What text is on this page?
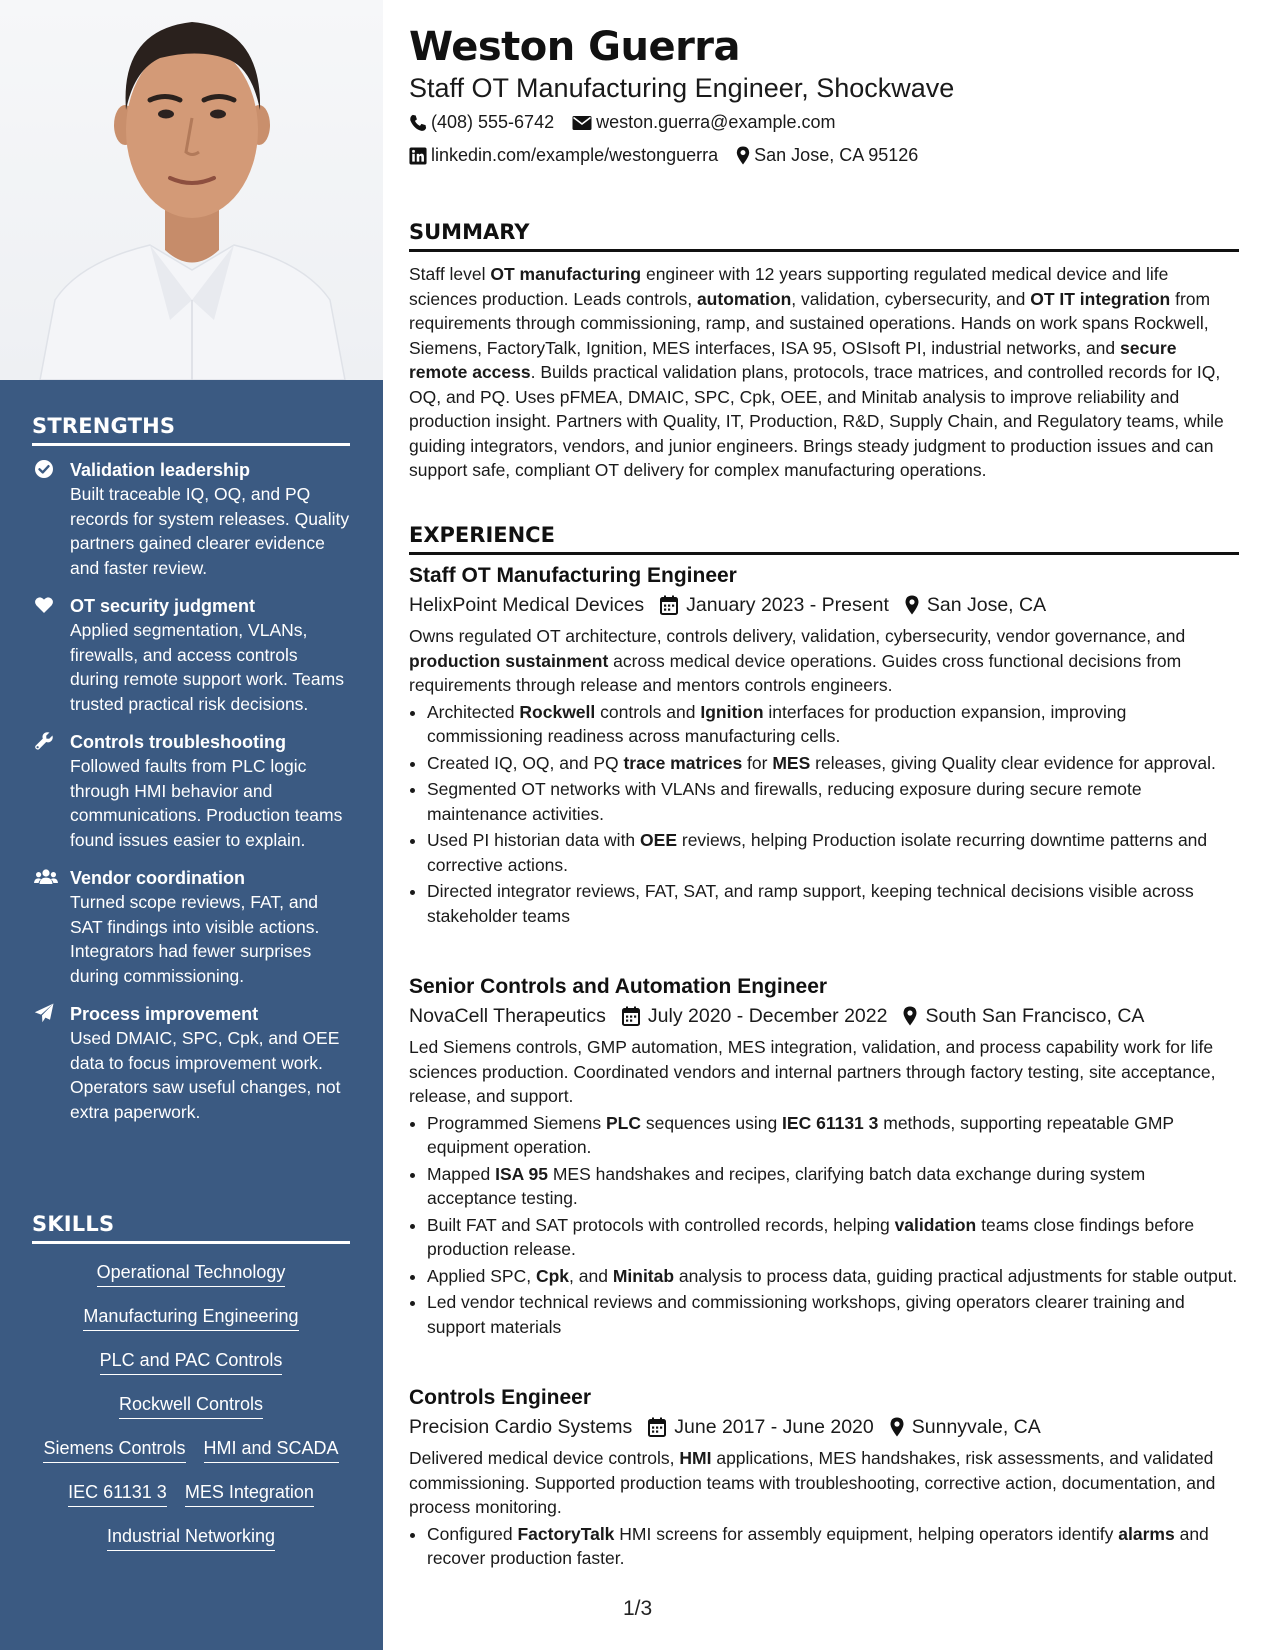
STRENGTHS
Validation leadership
Built traceable IQ, OQ, and PQ records for system releases. Quality partners gained clearer evidence and faster review.
OT security judgment
Applied segmentation, VLANs, firewalls, and access controls during remote support work. Teams trusted practical risk decisions.
Controls troubleshooting
Followed faults from PLC logic through HMI behavior and communications. Production teams found issues easier to explain.
Vendor coordination
Turned scope reviews, FAT, and SAT findings into visible actions. Integrators had fewer surprises during commissioning.
Process improvement
Used DMAIC, SPC, Cpk, and OEE data to focus improvement work. Operators saw useful changes, not extra paperwork.
SKILLS
Operational Technology
Manufacturing Engineering
PLC and PAC Controls
Rockwell Controls
Siemens Controls HMI and SCADA
IEC 61131 3 MES Integration
Industrial Networking
Weston Guerra
Staff OT Manufacturing Engineer, Shockwave
(408) 555-6742 weston.guerra@example.com
linkedin.com/example/westonguerra San Jose, CA 95126
SUMMARY

Staff level OT manufacturing engineer with 12 years supporting regulated medical device and life sciences production. Leads controls, automation, validation, cybersecurity, and OT IT integration from requirements through commissioning, ramp, and sustained operations. Hands on work spans Rockwell, Siemens, FactoryTalk, Ignition, MES interfaces, ISA 95, OSIsoft PI, industrial networks, and secure remote access. Builds practical validation plans, protocols, trace matrices, and controlled records for IQ, OQ, and PQ. Uses pFMEA, DMAIC, SPC, Cpk, OEE, and Minitab analysis to improve reliability and production insight. Partners with Quality, IT, Production, R&D, Supply Chain, and Regulatory teams, while guiding integrators, vendors, and junior engineers. Brings steady judgment to production issues and can support safe, compliant OT delivery for complex manufacturing operations.

EXPERIENCE
Staff OT Manufacturing Engineer
HelixPoint Medical Devices January 2023 - Present San Jose, CA
Owns regulated OT architecture, controls delivery, validation, cybersecurity, vendor governance, and production sustainment across medical device operations. Guides cross functional decisions from requirements through release and mentors controls engineers.
• Architected Rockwell controls and Ignition interfaces for production expansion, improving commissioning readiness across manufacturing cells.
• Created IQ, OQ, and PQ trace matrices for MES releases, giving Quality clear evidence for approval.
• Segmented OT networks with VLANs and firewalls, reducing exposure during secure remote maintenance activities.
• Used PI historian data with OEE reviews, helping Production isolate recurring downtime patterns and corrective actions.
• Directed integrator reviews, FAT, SAT, and ramp support, keeping technical decisions visible across stakeholder teams
Senior Controls and Automation Engineer
NovaCell Therapeutics July 2020 - December 2022 South San Francisco, CA
Led Siemens controls, GMP automation, MES integration, validation, and process capability work for life sciences production. Coordinated vendors and internal partners through factory testing, site acceptance, release, and support.
• Programmed Siemens PLC sequences using IEC 61131 3 methods, supporting repeatable GMP equipment operation.
• Mapped ISA 95 MES handshakes and recipes, clarifying batch data exchange during system acceptance testing.
• Built FAT and SAT protocols with controlled records, helping validation teams close findings before production release.
• Applied SPC, Cpk, and Minitab analysis to process data, guiding practical adjustments for stable output.
• Led vendor technical reviews and commissioning workshops, giving operators clearer training and support materials
Controls Engineer
Precision Cardio Systems June 2017 - June 2020 Sunnyvale, CA
Delivered medical device controls, HMI applications, MES handshakes, risk assessments, and validated commissioning. Supported production teams with troubleshooting, corrective action, documentation, and process monitoring.
• Configured FactoryTalk HMI screens for assembly equipment, helping operators identify alarms and recover production faster.
1/3
